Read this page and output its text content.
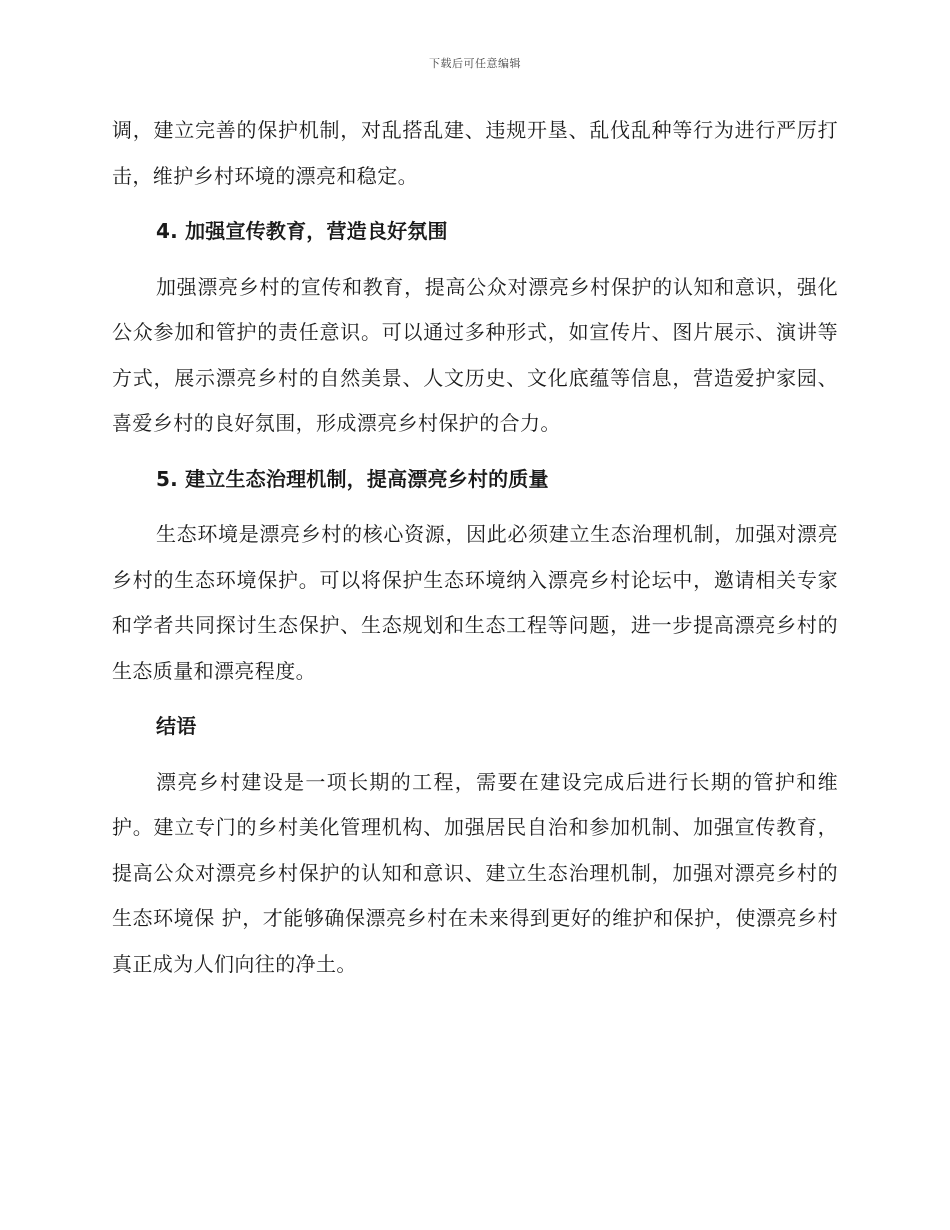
下载后可任意编辑

调，建立完善的保护机制，对乱搭乱建、违规开垦、乱伐乱种等行为进行严厉打击，维护乡村环境的漂亮和稳定。

4. 加强宣传教育，营造良好氛围

加强漂亮乡村的宣传和教育，提高公众对漂亮乡村保护的认知和意识，强化公众参加和管护的责任意识。可以通过多种形式，如宣传片、图片展示、演讲等方式，展示漂亮乡村的自然美景、人文历史、文化底蕴等信息，营造爱护家园、喜爱乡村的良好氛围，形成漂亮乡村保护的合力。

5. 建立生态治理机制，提高漂亮乡村的质量

生态环境是漂亮乡村的核心资源，因此必须建立生态治理机制，加强对漂亮乡村的生态环境保护。可以将保护生态环境纳入漂亮乡村论坛中，邀请相关专家和学者共同探讨生态保护、生态规划和生态工程等问题，进一步提高漂亮乡村的生态质量和漂亮程度。

结语

漂亮乡村建设是一项长期的工程，需要在建设完成后进行长期的管护和维护。建立专门的乡村美化管理机构、加强居民自治和参加机制、加强宣传教育，提高公众对漂亮乡村保护的认知和意识、建立生态治理机制，加强对漂亮乡村的生态环境保 护，才能够确保漂亮乡村在未来得到更好的维护和保护，使漂亮乡村真正成为人们向往的净土。
